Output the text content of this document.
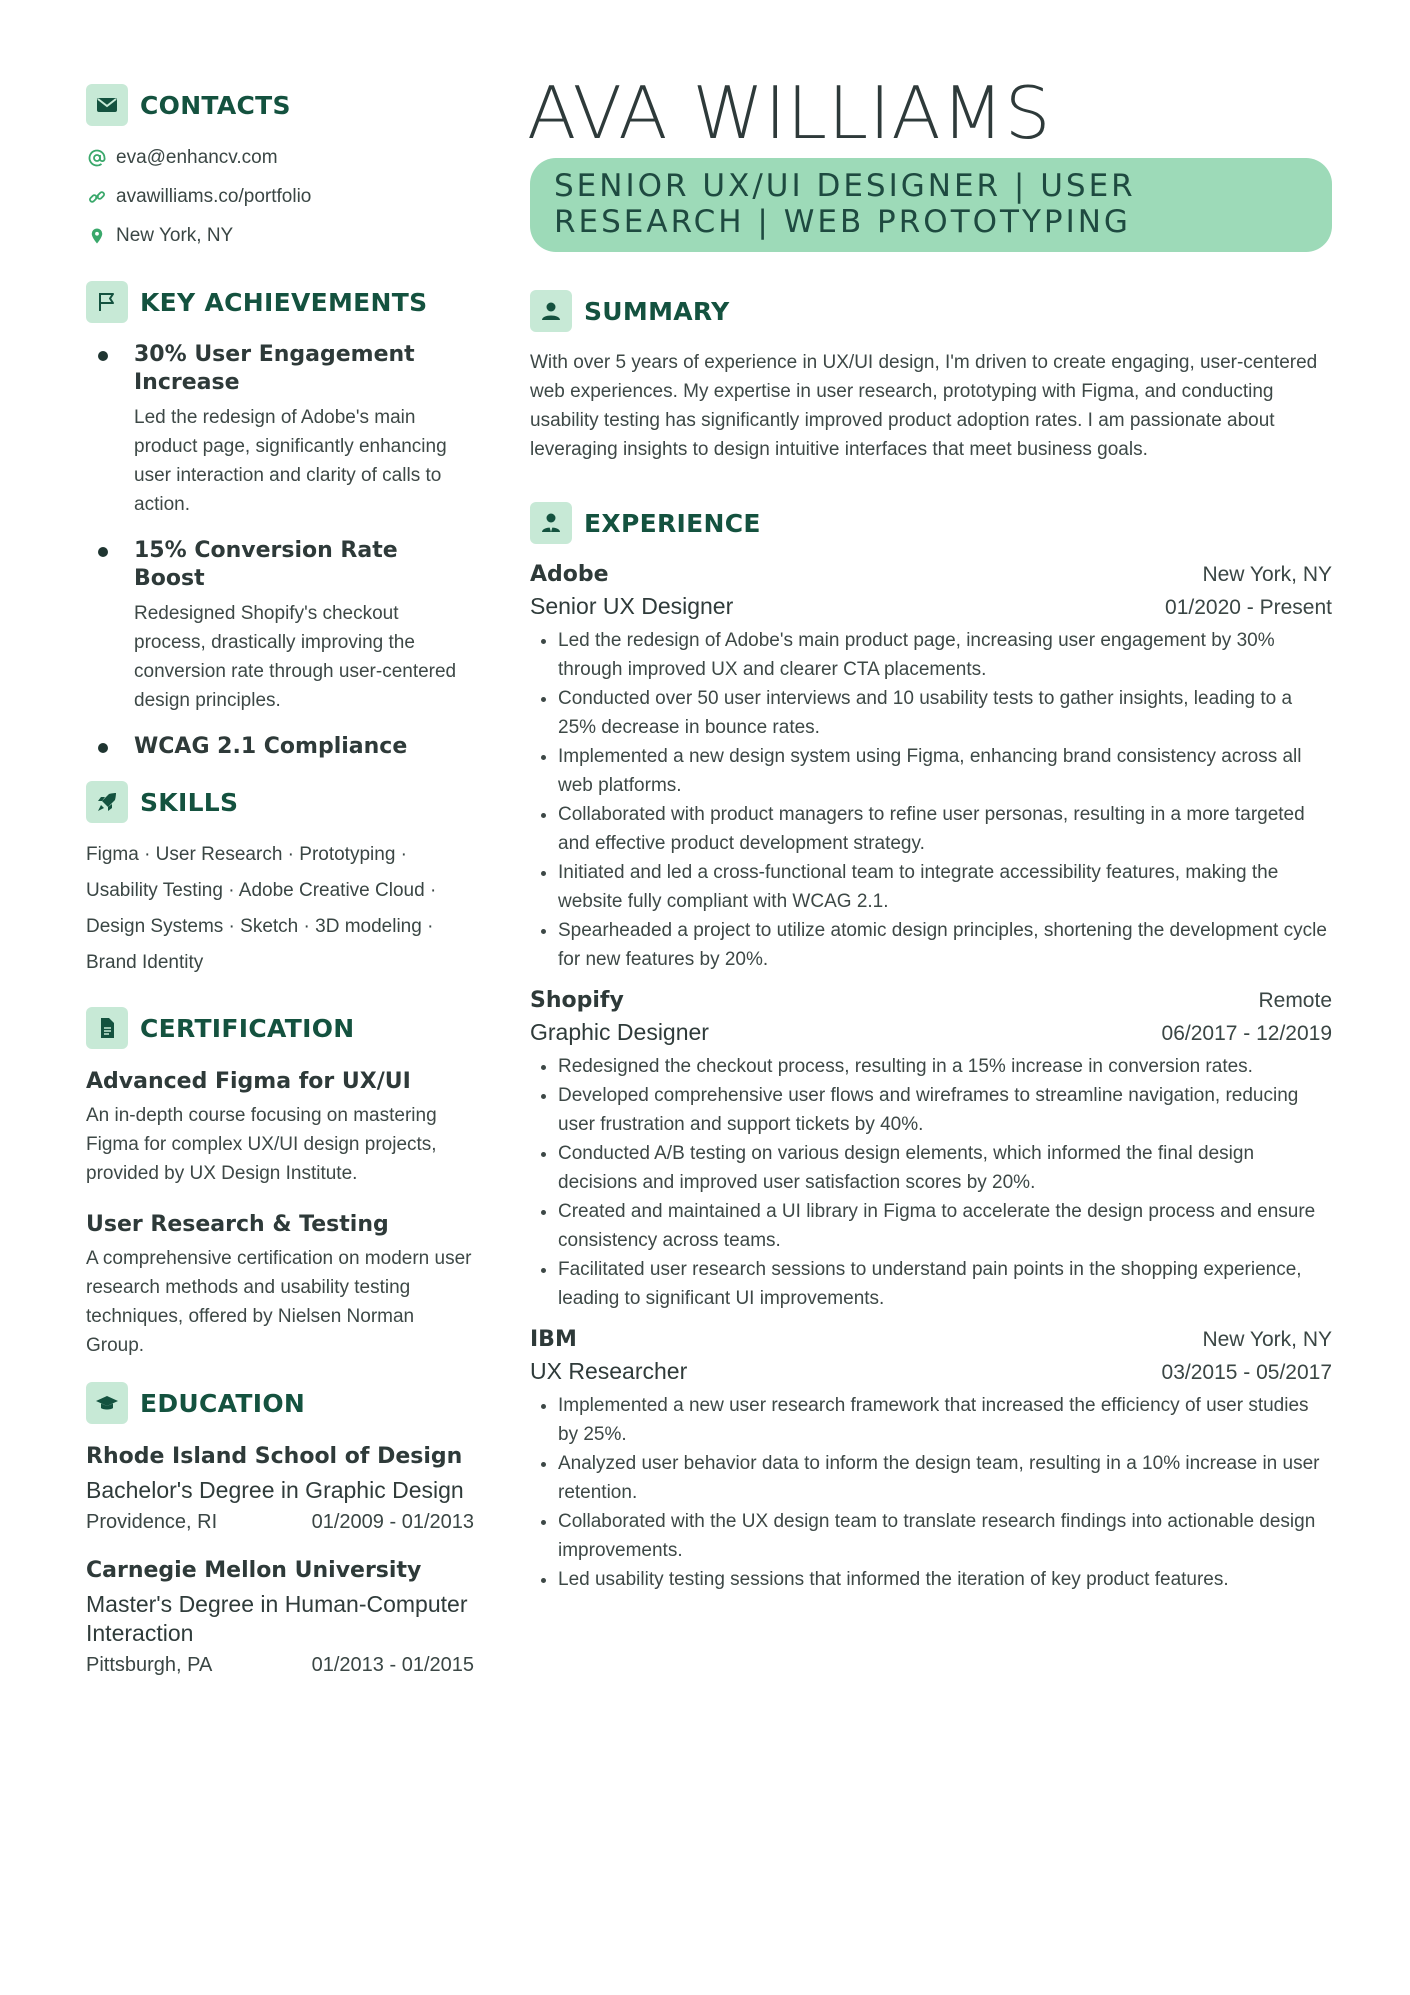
CONTACTS
eva@enhancv.com
avawilliams.co/portfolio
New York, NY
KEY ACHIEVEMENTS
30% User Engagement Increase
Led the redesign of Adobe's main product page, significantly enhancing user interaction and clarity of calls to action.
15% Conversion Rate Boost
Redesigned Shopify's checkout process, drastically improving the conversion rate through user-centered design principles.
WCAG 2.1 Compliance
SKILLS
Figma · User Research · Prototyping · Usability Testing · Adobe Creative Cloud · Design Systems · Sketch · 3D modeling · Brand Identity
CERTIFICATION
Advanced Figma for UX/UI
An in-depth course focusing on mastering Figma for complex UX/UI design projects, provided by UX Design Institute.
User Research & Testing
A comprehensive certification on modern user research methods and usability testing techniques, offered by Nielsen Norman Group.
EDUCATION
Rhode Island School of Design
Bachelor's Degree in Graphic Design
Providence, RI	01/2009 - 01/2013
Carnegie Mellon University
Master's Degree in Human-Computer Interaction
Pittsburgh, PA	01/2013 - 01/2015
AVA WILLIAMS
SENIOR UX/UI DESIGNER | USER RESEARCH | WEB PROTOTYPING
SUMMARY
With over 5 years of experience in UX/UI design, I'm driven to create engaging, user-centered web experiences. My expertise in user research, prototyping with Figma, and conducting usability testing has significantly improved product adoption rates. I am passionate about leveraging insights to design intuitive interfaces that meet business goals.
EXPERIENCE
Adobe	New York, NY
Senior UX Designer	01/2020 - Present
• Led the redesign of Adobe's main product page, increasing user engagement by 30% through improved UX and clearer CTA placements.
• Conducted over 50 user interviews and 10 usability tests to gather insights, leading to a 25% decrease in bounce rates.
• Implemented a new design system using Figma, enhancing brand consistency across all web platforms.
• Collaborated with product managers to refine user personas, resulting in a more targeted and effective product development strategy.
• Initiated and led a cross-functional team to integrate accessibility features, making the website fully compliant with WCAG 2.1.
• Spearheaded a project to utilize atomic design principles, shortening the development cycle for new features by 20%.
Shopify	Remote
Graphic Designer	06/2017 - 12/2019
• Redesigned the checkout process, resulting in a 15% increase in conversion rates.
• Developed comprehensive user flows and wireframes to streamline navigation, reducing user frustration and support tickets by 40%.
• Conducted A/B testing on various design elements, which informed the final design decisions and improved user satisfaction scores by 20%.
• Created and maintained a UI library in Figma to accelerate the design process and ensure consistency across teams.
• Facilitated user research sessions to understand pain points in the shopping experience, leading to significant UI improvements.
IBM	New York, NY
UX Researcher	03/2015 - 05/2017
• Implemented a new user research framework that increased the efficiency of user studies by 25%.
• Analyzed user behavior data to inform the design team, resulting in a 10% increase in user retention.
• Collaborated with the UX design team to translate research findings into actionable design improvements.
• Led usability testing sessions that informed the iteration of key product features.
